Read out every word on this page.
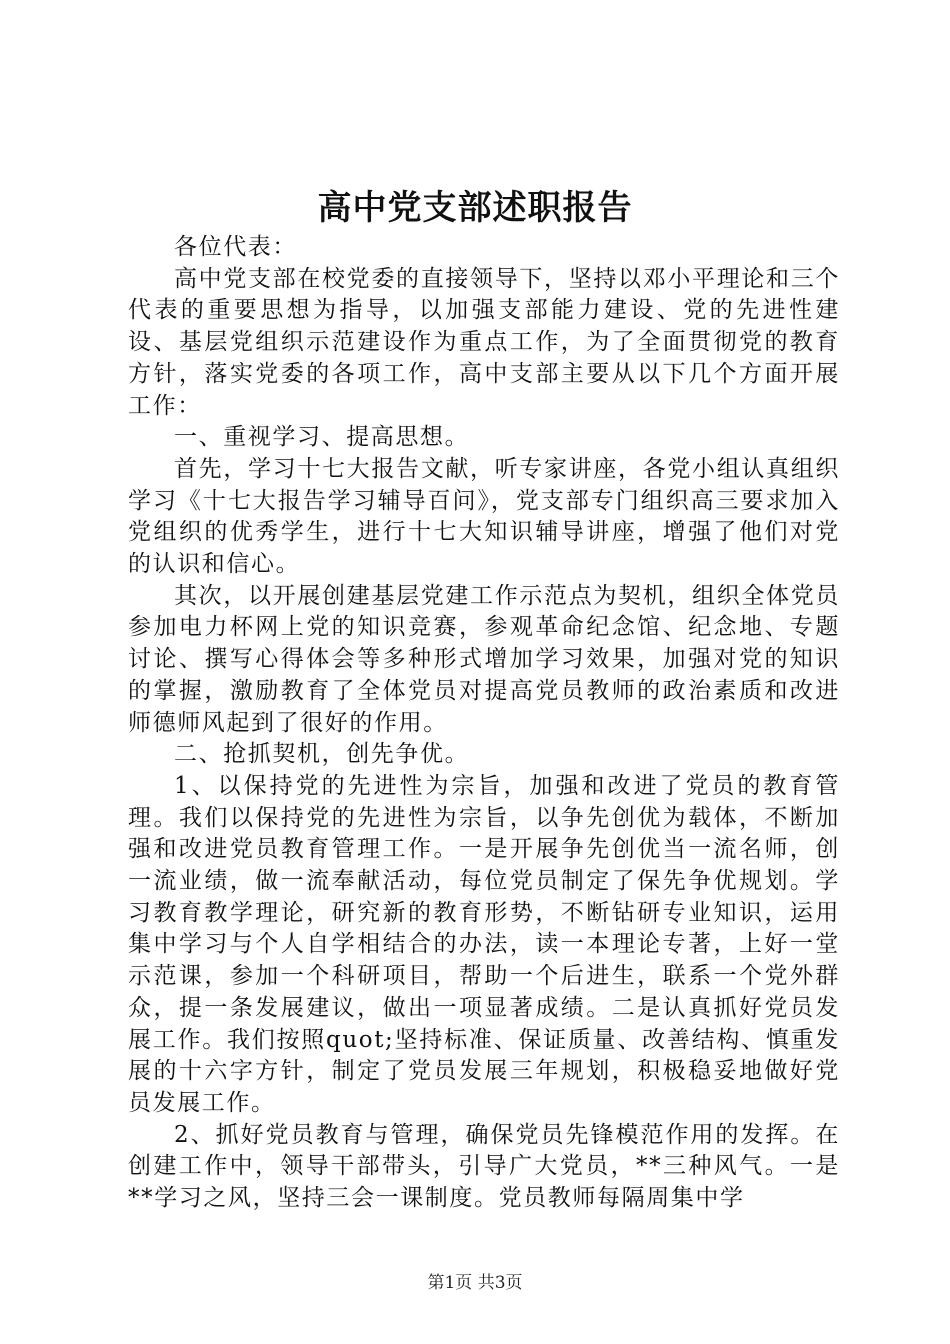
高中党支部述职报告

各位代表：

高中党支部在校党委的直接领导下，坚持以邓小平理论和三个代表的重要思想为指导，以加强支部能力建设、党的先进性建设、基层党组织示范建设作为重点工作，为了全面贯彻党的教育方针，落实党委的各项工作，高中支部主要从以下几个方面开展工作：

一、重视学习、提高思想。

首先，学习十七大报告文献，听专家讲座，各党小组认真组织学习《十七大报告学习辅导百问》，党支部专门组织高三要求加入党组织的优秀学生，进行十七大知识辅导讲座，增强了他们对党的认识和信心。

其次，以开展创建基层党建工作示范点为契机，组织全体党员参加电力杯网上党的知识竞赛，参观革命纪念馆、纪念地、专题讨论、撰写心得体会等多种形式增加学习效果，加强对党的知识的掌握，激励教育了全体党员对提高党员教师的政治素质和改进师德师风起到了很好的作用。

二、抢抓契机，创先争优。

1、以保持党的先进性为宗旨，加强和改进了党员的教育管理。我们以保持党的先进性为宗旨，以争先创优为载体，不断加强和改进党员教育管理工作。一是开展争先创优当一流名师，创一流业绩，做一流奉献活动，每位党员制定了保先争优规划。学习教育教学理论，研究新的教育形势，不断钻研专业知识，运用集中学习与个人自学相结合的办法，读一本理论专著，上好一堂示范课，参加一个科研项目，帮助一个后进生，联系一个党外群众，提一条发展建议，做出一项显著成绩。二是认真抓好党员发展工作。我们按照quot;坚持标准、保证质量、改善结构、慎重发展的十六字方针，制定了党员发展三年规划，积极稳妥地做好党员发展工作。

2、抓好党员教育与管理，确保党员先锋模范作用的发挥。在创建工作中，领导干部带头，引导广大党员，**三种风气。一是**学习之风，坚持三会一课制度。党员教师每隔周集中学

第1页 共3页
